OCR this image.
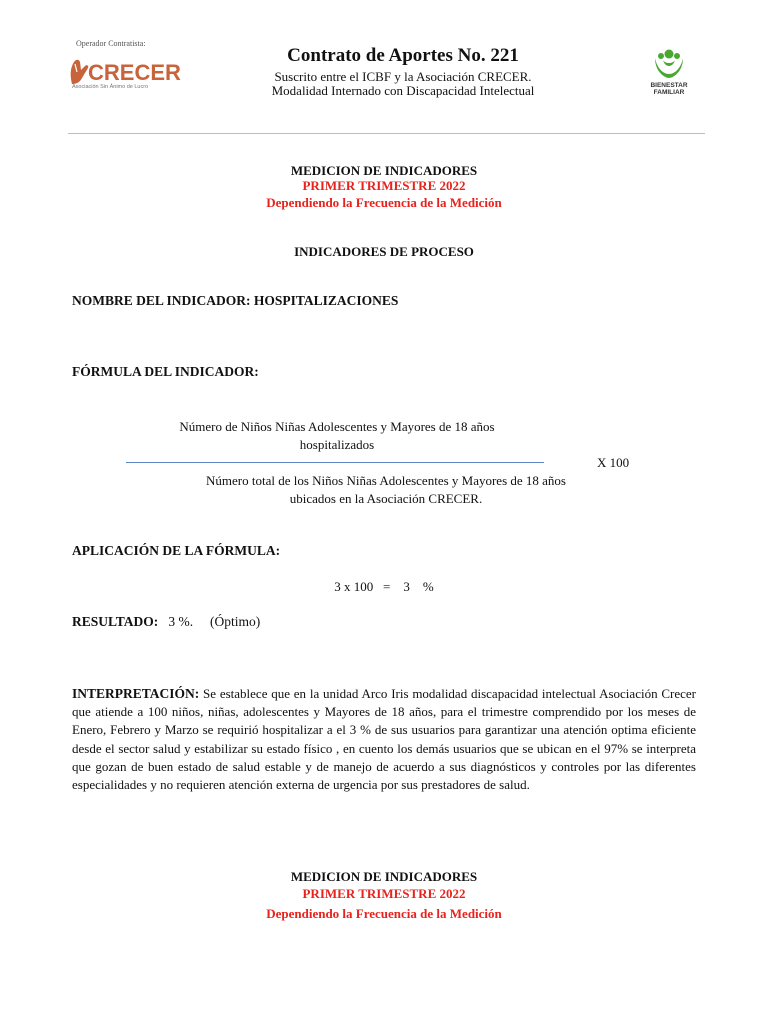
Operador Contratista:
CRECER
Asociación Sin Ánimo de Lucro
Contrato de Aportes No. 221
Suscrito entre el ICBF y la Asociación CRECER.
Modalidad Internado con Discapacidad Intelectual	BIENESTAR
FAMILIAR
MEDICION DE INDICADORES
PRIMER TRIMESTRE 2022
Dependiendo la Frecuencia de la Medición
INDICADORES DE PROCESO
NOMBRE DEL INDICADOR: HOSPITALIZACIONES
FÓRMULA DEL INDICADOR:
Número de Niños Niñas Adolescentes y Mayores de 18 años
hospitalizados
X 100
Número total de los Niños Niñas Adolescentes y Mayores de 18 años
ubicados en la Asociación CRECER.
APLICACIÓN DE LA FÓRMULA:
3 x 100   =    3    %
RESULTADO:   3 %.     (Óptimo)
INTERPRETACIÓN: Se establece que en la unidad Arco Iris modalidad discapacidad intelectual Asociación Crecer que atiende a 100 niños, niñas, adolescentes y Mayores de 18 años, para el trimestre comprendido por los meses de Enero, Febrero y Marzo se requirió hospitalizar a el 3 % de sus usuarios para garantizar una atención optima eficiente desde el sector salud y estabilizar su estado físico , en cuento los demás usuarios que se ubican en el 97% se interpreta que gozan de buen estado de salud estable y de manejo de acuerdo a sus diagnósticos y controles por las diferentes especialidades y no requieren atención externa de urgencia por sus prestadores de salud.
MEDICION DE INDICADORES
PRIMER TRIMESTRE 2022
Dependiendo la Frecuencia de la Medición
